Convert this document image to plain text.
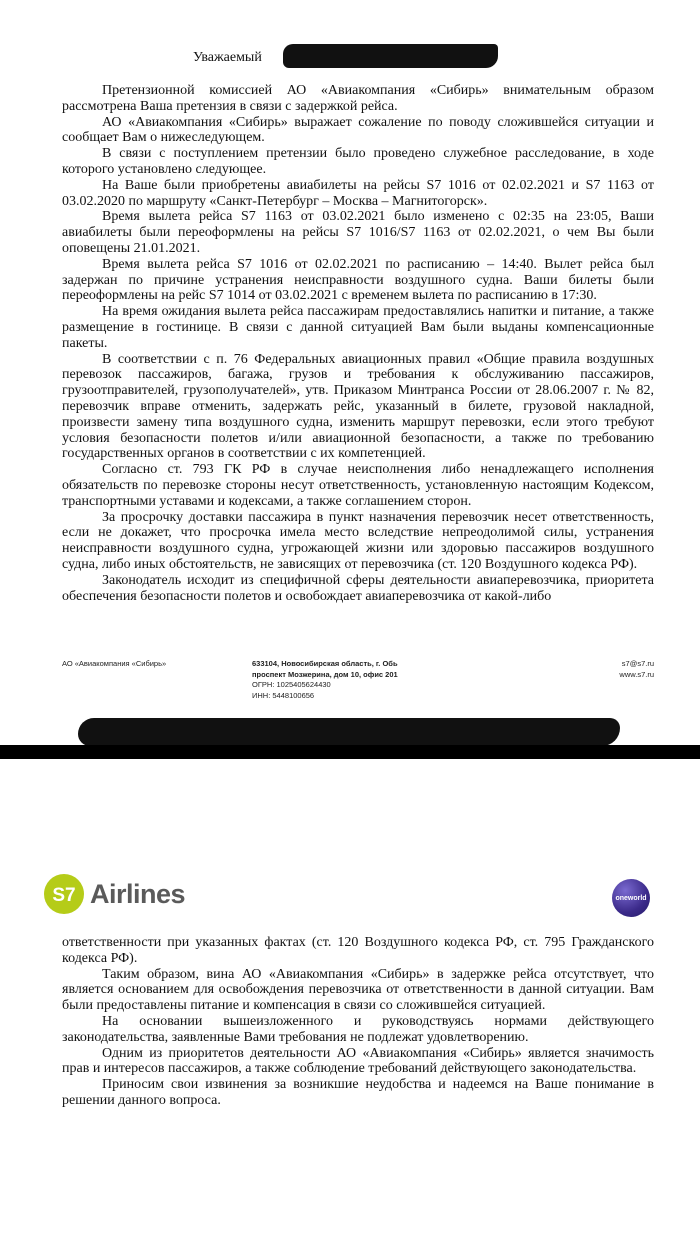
Уважаемый

Претензионной комиссией АО «Авиакомпания «Сибирь» внимательным образом рассмотрена Ваша претензия в связи с задержкой рейса.

АО «Авиакомпания «Сибирь» выражает сожаление по поводу сложившейся ситуации и сообщает Вам о нижеследующем.

В связи с поступлением претензии было проведено служебное расследование, в ходе которого установлено следующее.

На Ваше были приобретены авиабилеты на рейсы S7 1016 от 02.02.2021 и S7 1163 от 03.02.2020 по маршруту «Санкт-Петербург – Москва – Магнитогорск».

Время вылета рейса S7 1163 от 03.02.2021 было изменено с 02:35 на 23:05, Ваши авиабилеты были переоформлены на рейсы S7 1016/S7 1163 от 02.02.2021, о чем Вы были оповещены 21.01.2021.

Время вылета рейса S7 1016 от 02.02.2021 по расписанию – 14:40. Вылет рейса был задержан по причине устранения неисправности воздушного судна. Ваши билеты были переоформлены на рейс S7 1014 от 03.02.2021 с временем вылета по расписанию в 17:30.

На время ожидания вылета рейса пассажирам предоставлялись напитки и питание, а также размещение в гостинице. В связи с данной ситуацией Вам были выданы компенсационные пакеты.

В соответствии с п. 76 Федеральных авиационных правил «Общие правила воздушных перевозок пассажиров, багажа, грузов и требования к обслуживанию пассажиров, грузоотправителей, грузополучателей», утв. Приказом Минтранса России от 28.06.2007 г. № 82, перевозчик вправе отменить, задержать рейс, указанный в билете, грузовой накладной, произвести замену типа воздушного судна, изменить маршрут перевозки, если этого требуют условия безопасности полетов и/или авиационной безопасности, а также по требованию государственных органов в соответствии с их компетенцией.

Согласно ст. 793 ГК РФ в случае неисполнения либо ненадлежащего исполнения обязательств по перевозке стороны несут ответственность, установленную настоящим Кодексом, транспортными уставами и кодексами, а также соглашением сторон.

За просрочку доставки пассажира в пункт назначения перевозчик несет ответственность, если не докажет, что просрочка имела место вследствие непреодолимой силы, устранения неисправности воздушного судна, угрожающей жизни или здоровью пассажиров воздушного судна, либо иных обстоятельств, не зависящих от перевозчика (ст. 120 Воздушного кодекса РФ).

Законодатель исходит из специфичной сферы деятельности авиаперевозчика, приоритета обеспечения безопасности полетов и освобождает авиаперевозчика от какой-либо

АО «Авиакомпания «Сибирь»	633104, Новосибирская область, г. Обь
проспект Мозжерина, дом 10, офис 201
ОГРН: 1025405624430
ИНН: 5448100656
s7@s7.ru
www.s7.ru
S7 Airlines	oneworld

ответственности при указанных фактах (ст. 120 Воздушного кодекса РФ, ст. 795 Гражданского кодекса РФ).

Таким образом, вина АО «Авиакомпания «Сибирь» в задержке рейса отсутствует, что является основанием для освобождения перевозчика от ответственности в данной ситуации. Вам были предоставлены питание и компенсация в связи со сложившейся ситуацией.

На основании вышеизложенного и руководствуясь нормами действующего законодательства, заявленные Вами требования не подлежат удовлетворению.

Одним из приоритетов деятельности АО «Авиакомпания «Сибирь» является значимость прав и интересов пассажиров, а также соблюдение требований действующего законодательства.

Приносим свои извинения за возникшие неудобства и надеемся на Ваше понимание в решении данного вопроса.
